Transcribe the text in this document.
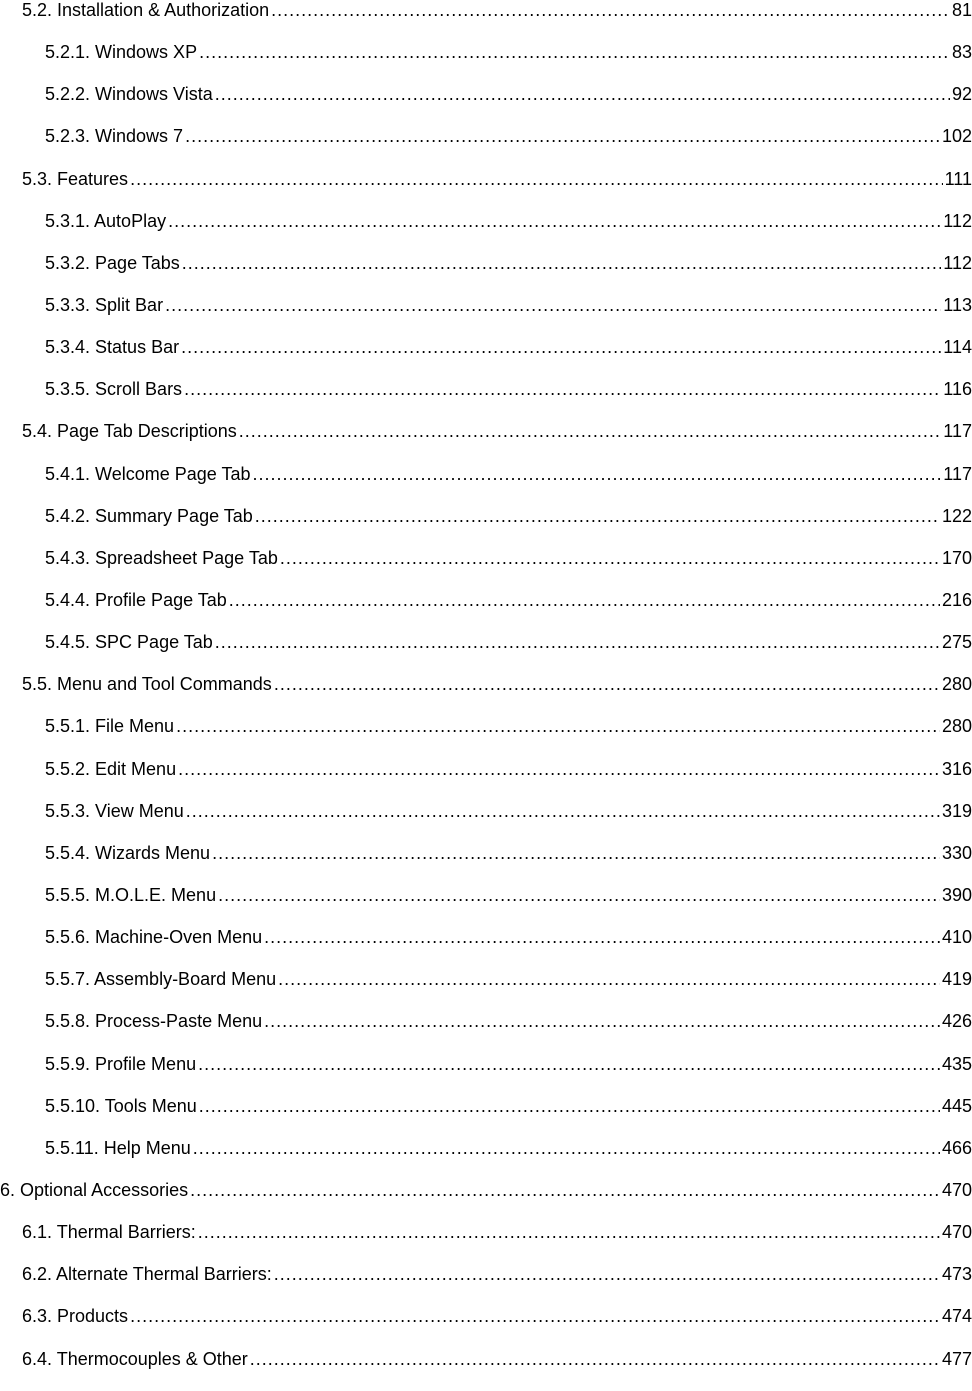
5.2. Installation & Authorization .....	81
5.2.1. Windows XP .....	83
5.2.2. Windows Vista .....	92
5.2.3. Windows 7 .....	102
5.3. Features .....	111
5.3.1. AutoPlay .....	112
5.3.2. Page Tabs .....	112
5.3.3. Split Bar .....	113
5.3.4. Status Bar .....	114
5.3.5. Scroll Bars .....	116
5.4. Page Tab Descriptions .....	117
5.4.1. Welcome Page Tab .....	117
5.4.2. Summary Page Tab .....	122
5.4.3. Spreadsheet Page Tab .....	170
5.4.4. Profile Page Tab .....	216
5.4.5. SPC Page Tab .....	275
5.5. Menu and Tool Commands .....	280
5.5.1. File Menu .....	280
5.5.2. Edit Menu .....	316
5.5.3. View Menu .....	319
5.5.4. Wizards Menu .....	330
5.5.5. M.O.L.E. Menu .....	390
5.5.6. Machine-Oven Menu .....	410
5.5.7. Assembly-Board Menu .....	419
5.5.8. Process-Paste Menu .....	426
5.5.9. Profile Menu .....	435
5.5.10. Tools Menu .....	445
5.5.11. Help Menu .....	466
6. Optional Accessories .....	470
6.1. Thermal Barriers: .....	470
6.2. Alternate Thermal Barriers: .....	473
6.3. Products .....	474
6.4. Thermocouples & Other .....	477
